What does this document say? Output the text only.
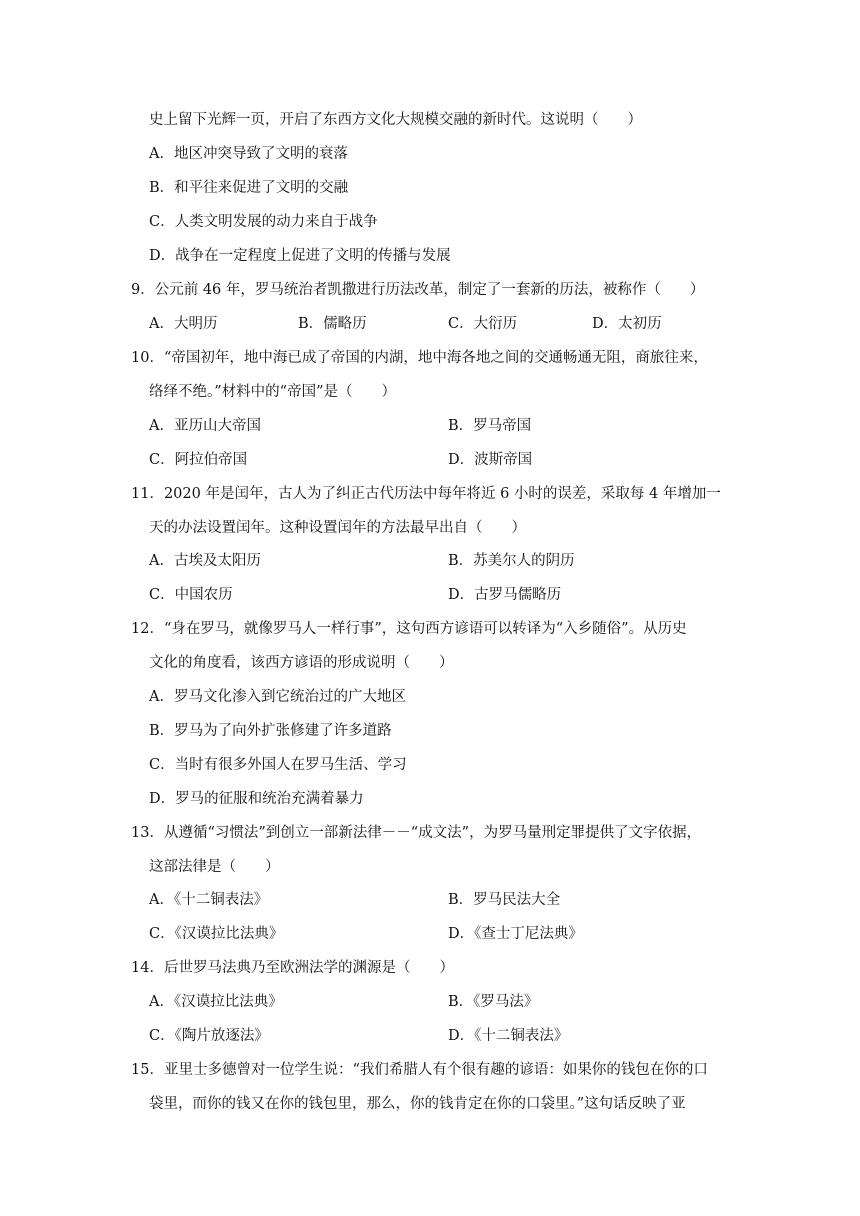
史上留下光辉一页，开启了东西方文化大规模交融的新时代。这说明（　　）
A．地区冲突导致了文明的衰落
B．和平往来促进了文明的交融
C．人类文明发展的动力来自于战争
D．战争在一定程度上促进了文明的传播与发展
9．公元前 46 年，罗马统治者凯撒进行历法改革，制定了一套新的历法，被称作（　　）
A．大明历	B．儒略历	C．大衍历	D．太初历
10．“帝国初年，地中海已成了帝国的内湖，地中海各地之间的交通畅通无阻，商旅往来，
络绎不绝。”材料中的“帝国”是（　　）
A．亚历山大帝国	B．罗马帝国
C．阿拉伯帝国	D．波斯帝国
11．2020 年是闰年，古人为了纠正古代历法中每年将近 6 小时的误差，采取每 4 年增加一
天的办法设置闰年。这种设置闰年的方法最早出自（　　）
A．古埃及太阳历	B．苏美尔人的阴历
C．中国农历	D．古罗马儒略历
12．“身在罗马，就像罗马人一样行事”，这句西方谚语可以转译为“入乡随俗”。从历史
文化的角度看，该西方谚语的形成说明（　　）
A．罗马文化渗入到它统治过的广大地区
B．罗马为了向外扩张修建了许多道路
C．当时有很多外国人在罗马生活、学习
D．罗马的征服和统治充满着暴力
13．从遵循“习惯法”到创立一部新法律－－“成文法”，为罗马量刑定罪提供了文字依据，
这部法律是（　　）
A．《十二铜表法》	B．罗马民法大全
C．《汉谟拉比法典》	D．《查士丁尼法典》
14．后世罗马法典乃至欧洲法学的渊源是（　　）
A．《汉谟拉比法典》	B．《罗马法》
C．《陶片放逐法》	D．《十二铜表法》
15．亚里士多德曾对一位学生说：“我们希腊人有个很有趣的谚语：如果你的钱包在你的口
袋里，而你的钱又在你的钱包里，那么，你的钱肯定在你的口袋里。”这句话反映了亚
